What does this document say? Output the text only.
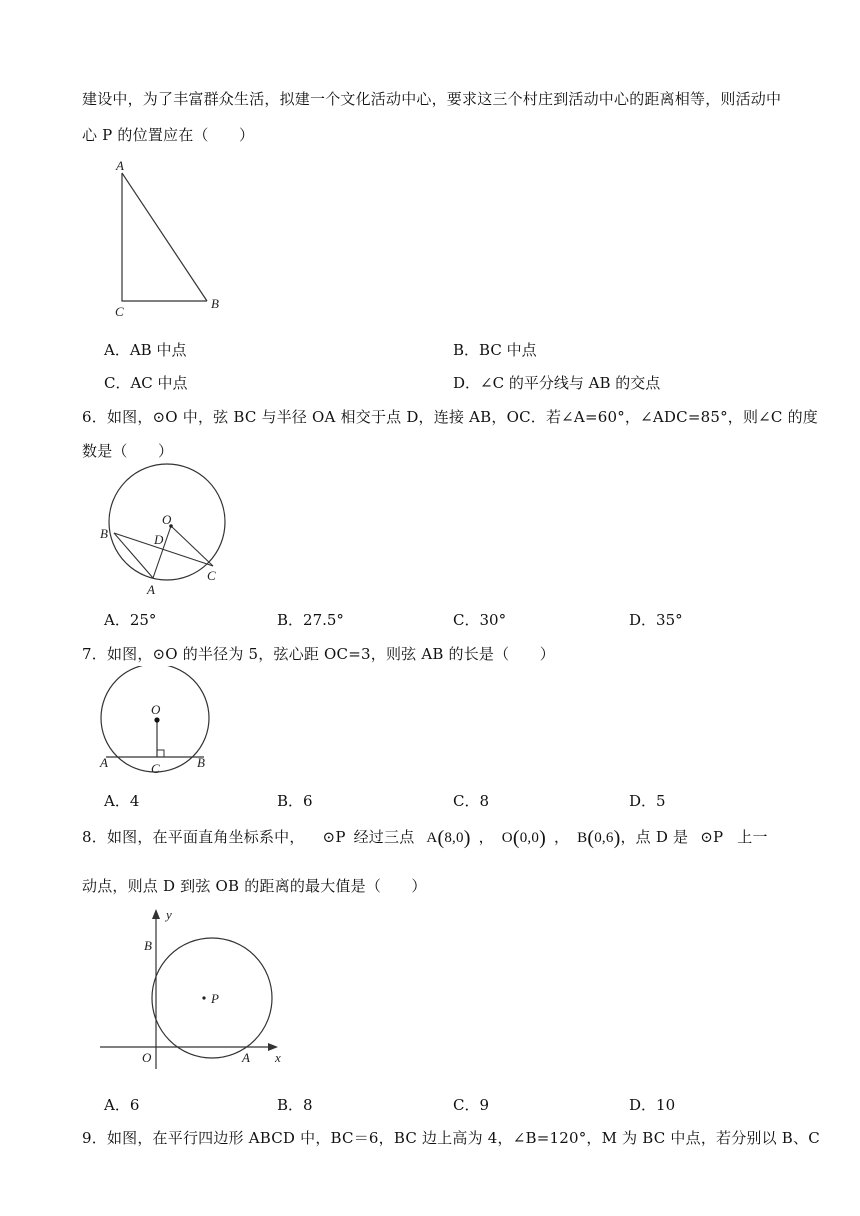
建设中，为了丰富群众生活，拟建一个文化活动中心，要求这三个村庄到活动中心的距离相等，则活动中
心 P 的位置应在（　　）
A
B
C
A．AB 中点	B．BC 中点
C．AC 中点	D．∠C 的平分线与 AB 的交点
6．如图，⊙O 中，弦 BC 与半径 OA 相交于点 D，连接 AB，OC．若∠A=60°，∠ADC=85°，则∠C 的度
数是（　　）
O
B	D
A
C
A．25°	B．27.5°	C．30°	D．35°
7．如图，⊙O 的半径为 5，弦心距 OC=3，则弦 AB 的长是（　　）
O
A	C	B
A．4	B．6	C．8	D．5
8．如图，在平面直角坐标系中， ⊙P 经过三点 A(8,0) ， O(0,0) ， B(0,6)，点 D 是 ⊙P 上一
动点，则点 D 到弦 OB 的距离的最大值是（　　）
y
x
B
P
O	A
A．6	B．8	C．9	D．10
9．如图，在平行四边形 ABCD 中，BC＝6，BC 边上高为 4，∠B=120°，M 为 BC 中点，若分别以 B、C
